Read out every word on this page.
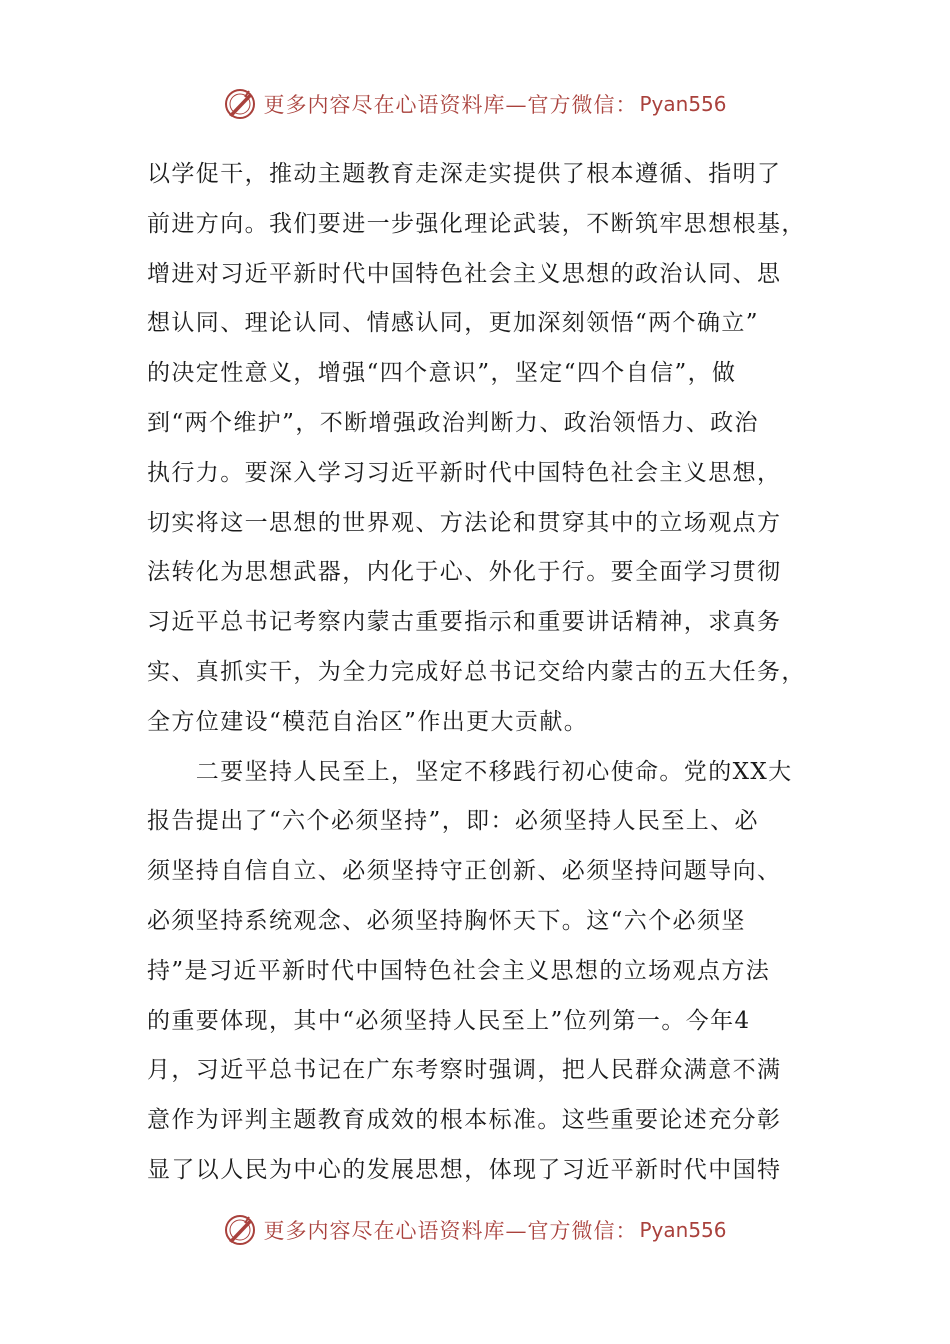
更多内容尽在心语资料库—官方微信： Pyan556
以学促干，推动主题教育走深走实提供了根本遵循、指明了
前进方向。我们要进一步强化理论武装，不断筑牢思想根基，
增进对习近平新时代中国特色社会主义思想的政治认同、思
想认同、理论认同、情感认同，更加深刻领悟“两个确立”
的决定性意义，增强“四个意识”，坚定“四个自信”，做
到“两个维护”，不断增强政治判断力、政治领悟力、政治
执行力。要深入学习习近平新时代中国特色社会主义思想，
切实将这一思想的世界观、方法论和贯穿其中的立场观点方
法转化为思想武器，内化于心、外化于行。要全面学习贯彻
习近平总书记考察内蒙古重要指示和重要讲话精神，求真务
实、真抓实干，为全力完成好总书记交给内蒙古的五大任务，
全方位建设“模范自治区”作出更大贡献。
　　二要坚持人民至上，坚定不移践行初心使命。党的XX大
报告提出了“六个必须坚持”，即：必须坚持人民至上、必
须坚持自信自立、必须坚持守正创新、必须坚持问题导向、
必须坚持系统观念、必须坚持胸怀天下。这“六个必须坚
持”是习近平新时代中国特色社会主义思想的立场观点方法
的重要体现，其中“必须坚持人民至上”位列第一。今年4
月，习近平总书记在广东考察时强调，把人民群众满意不满
意作为评判主题教育成效的根本标准。这些重要论述充分彰
显了以人民为中心的发展思想，体现了习近平新时代中国特
更多内容尽在心语资料库—官方微信： Pyan556
